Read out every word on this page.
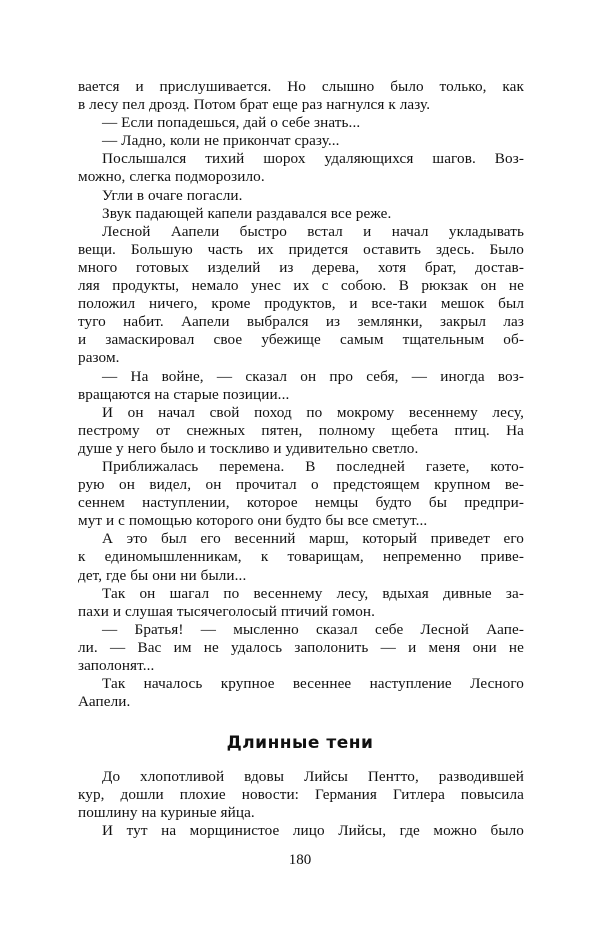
вается и прислушивается. Но слышно было только, как
в лесу пел дрозд. Потом брат еще раз нагнулся к лазу.
— Если попадешься, дай о себе знать...
— Ладно, коли не прикончат сразу...
Послышался тихий шорох удаляющихся шагов. Воз-
можно, слегка подморозило.
Угли в очаге погасли.
Звук падающей капели раздавался все реже.
Лесной Аапели быстро встал и начал укладывать
вещи. Большую часть их придется оставить здесь. Было
много готовых изделий из дерева, хотя брат, достав-
ляя продукты, немало унес их с собою. В рюкзак он не
положил ничего, кроме продуктов, и все-таки мешок был
туго набит. Аапели выбрался из землянки, закрыл лаз
и замаскировал свое убежище самым тщательным об-
разом.
— На войне, — сказал он про себя, — иногда воз-
вращаются на старые позиции...
И он начал свой поход по мокрому весеннему лесу,
пестрому от снежных пятен, полному щебета птиц. На
душе у него было и тоскливо и удивительно светло.
Приближалась перемена. В последней газете, кото-
рую он видел, он прочитал о предстоящем крупном ве-
сеннем наступлении, которое немцы будто бы предпри-
мут и с помощью которого они будто бы все сметут...
А это был его весенний марш, который приведет его
к единомышленникам, к товарищам, непременно приве-
дет, где бы они ни были...
Так он шагал по весеннему лесу, вдыхая дивные за-
пахи и слушая тысячеголосый птичий гомон.
— Братья! — мысленно сказал себе Лесной Аапе-
ли. — Вас им не удалось заполонить — и меня они не
заполонят...
Так началось крупное весеннее наступление Лесного
Аапели.
Длинные тени
До хлопотливой вдовы Лийсы Пентто, разводившей
кур, дошли плохие новости: Германия Гитлера повысила
пошлину на куриные яйца.
И тут на морщинистое лицо Лийсы, где можно было
180
